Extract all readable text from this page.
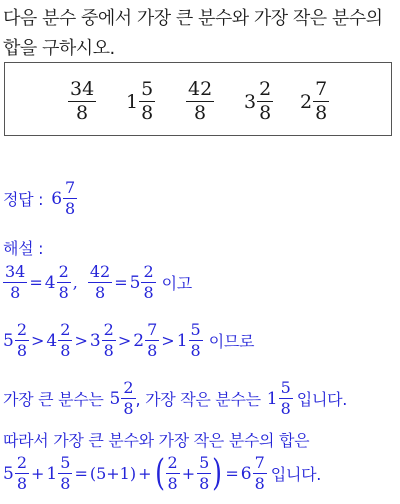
다음 분수 중에서 가장 큰 분수와 가장 작은 분수의
합을 구하시오.
34
8
$1 \frac{5}{8} 42$
8
$3 \frac{2}{8} 2 \frac{7}{8}$
정답 : $6 \frac{7}{8}$
해설 :
$\frac{34}{8} = 4 \frac{2}{8}$ , $\frac{42}{8} = 5 \frac{2}{8}$ 이고
$5 \frac{2}{8} > 4 \frac{2}{8} > 3 \frac{2}{8} > 2 \frac{7}{8} > 1 \frac{5}{8}$ 이므로
가장 큰 분수는 $5 \frac{2}{8}$ , 가장 작은 분수는 $1 \frac{5}{8}$ 입니다.
따라서 가장 큰 분수와 가장 작은 분수의 합은
$5 \frac{2}{8} + 1 \frac{5}{8} = (5+1)$ + ( $\frac{2}{8} + \frac{5}{8}$ ) = $6 \frac{7}{8}$ 입니다.
